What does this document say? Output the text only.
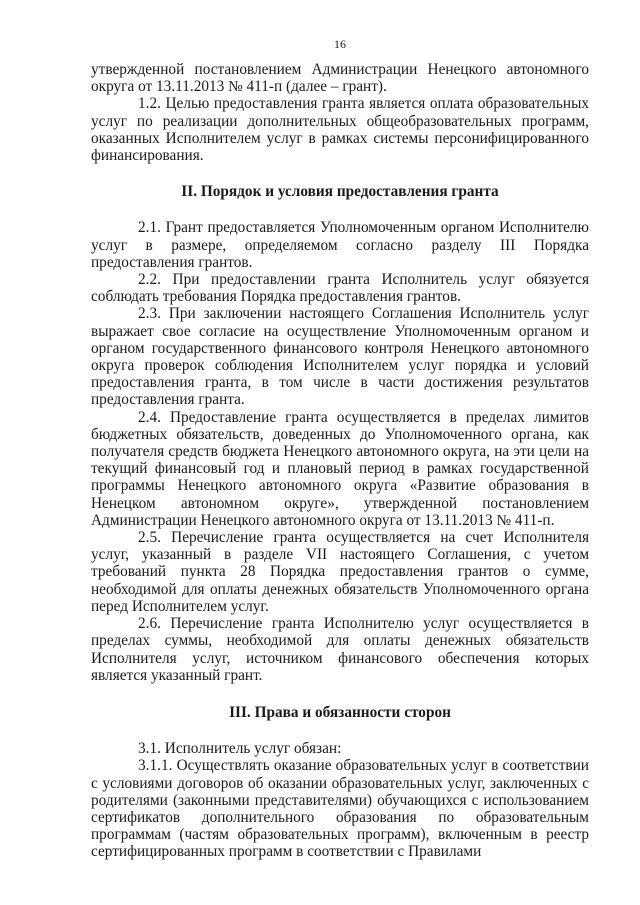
16

утвержденной постановлением Администрации Ненецкого автономного округа от 13.11.2013 № 411-п (далее – грант).

1.2. Целью предоставления гранта является оплата образовательных услуг по реализации дополнительных общеобразовательных программ, оказанных Исполнителем услуг в рамках системы персонифицированного финансирования.

II. Порядок и условия предоставления гранта

2.1. Грант предоставляется Уполномоченным органом Исполнителю услуг в размере, определяемом согласно разделу III Порядка предоставления грантов.

2.2. При предоставлении гранта Исполнитель услуг обязуется соблюдать требования Порядка предоставления грантов.

2.3. При заключении настоящего Соглашения Исполнитель услуг выражает свое согласие на осуществление Уполномоченным органом и органом государственного финансового контроля Ненецкого автономного округа проверок соблюдения Исполнителем услуг порядка и условий предоставления гранта, в том числе в части достижения результатов предоставления гранта.

2.4. Предоставление гранта осуществляется в пределах лимитов бюджетных обязательств, доведенных до Уполномоченного органа, как получателя средств бюджета Ненецкого автономного округа, на эти цели на текущий финансовый год и плановый период в рамках государственной программы Ненецкого автономного округа «Развитие образования в Ненецком автономном округе», утвержденной постановлением Администрации Ненецкого автономного округа от 13.11.2013 № 411-п.

2.5. Перечисление гранта осуществляется на счет Исполнителя услуг, указанный в разделе VII настоящего Соглашения, с учетом требований пункта 28 Порядка предоставления грантов о сумме, необходимой для оплаты денежных обязательств Уполномоченного органа перед Исполнителем услуг.

2.6. Перечисление гранта Исполнителю услуг осуществляется в пределах суммы, необходимой для оплаты денежных обязательств Исполнителя услуг, источником финансового обеспечения которых является указанный грант.

III. Права и обязанности сторон

3.1. Исполнитель услуг обязан:

3.1.1. Осуществлять оказание образовательных услуг в соответствии с условиями договоров об оказании образовательных услуг, заключенных с родителями (законными представителями) обучающихся с использованием сертификатов дополнительного образования по образовательным программам (частям образовательных программ), включенным в реестр сертифицированных программ в соответствии с Правилами
